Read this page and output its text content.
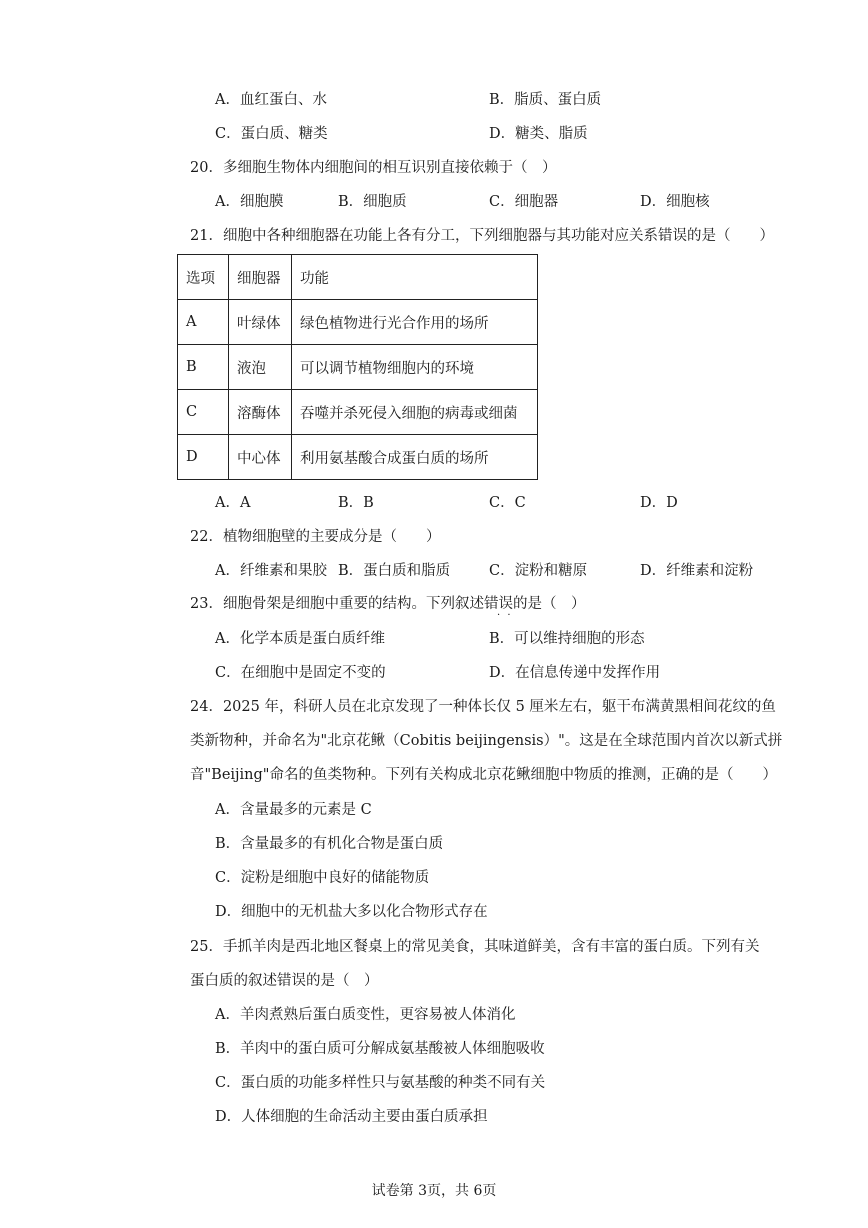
A．血红蛋白、水	B．脂质、蛋白质
C．蛋白质、糖类	D．糖类、脂质
20．多细胞生物体内细胞间的相互识别直接依赖于（　）
A．细胞膜	B．细胞质	C．细胞器	D．细胞核
21．细胞中各种细胞器在功能上各有分工，下列细胞器与其功能对应关系错误的是（　　）
选项	细胞器	功能
A	叶绿体	绿色植物进行光合作用的场所
B	液泡	可以调节植物细胞内的环境
C	溶酶体	吞噬并杀死侵入细胞的病毒或细菌
D	中心体	利用氨基酸合成蛋白质的场所
A．A	B．B	C．C	D．D
22．植物细胞壁的主要成分是（　　）
A．纤维素和果胶 B．蛋白质和脂质	C．淀粉和糖原	D．纤维素和淀粉
23．细胞骨架是细胞中重要的结构。下列叙述错误的是（　）
· ·
A．化学本质是蛋白质纤维	B．可以维持细胞的形态
C．在细胞中是固定不变的	D．在信息传递中发挥作用
24．2025 年，科研人员在北京发现了一种体长仅 5 厘米左右，躯干布满黄黑相间花纹的鱼
类新物种，并命名为"北京花鳅（Cobitis beijingensis）"。这是在全球范围内首次以新式拼
音"Beijing"命名的鱼类物种。下列有关构成北京花鳅细胞中物质的推测，正确的是（　　）
A．含量最多的元素是 C
B．含量最多的有机化合物是蛋白质
C．淀粉是细胞中良好的储能物质
D．细胞中的无机盐大多以化合物形式存在
25．手抓羊肉是西北地区餐桌上的常见美食，其味道鲜美，含有丰富的蛋白质。下列有关
蛋白质的叙述错误的是（　）
A．羊肉煮熟后蛋白质变性，更容易被人体消化
B．羊肉中的蛋白质可分解成氨基酸被人体细胞吸收
C．蛋白质的功能多样性只与氨基酸的种类不同有关
D．人体细胞的生命活动主要由蛋白质承担
试卷第 3页，共 6页
